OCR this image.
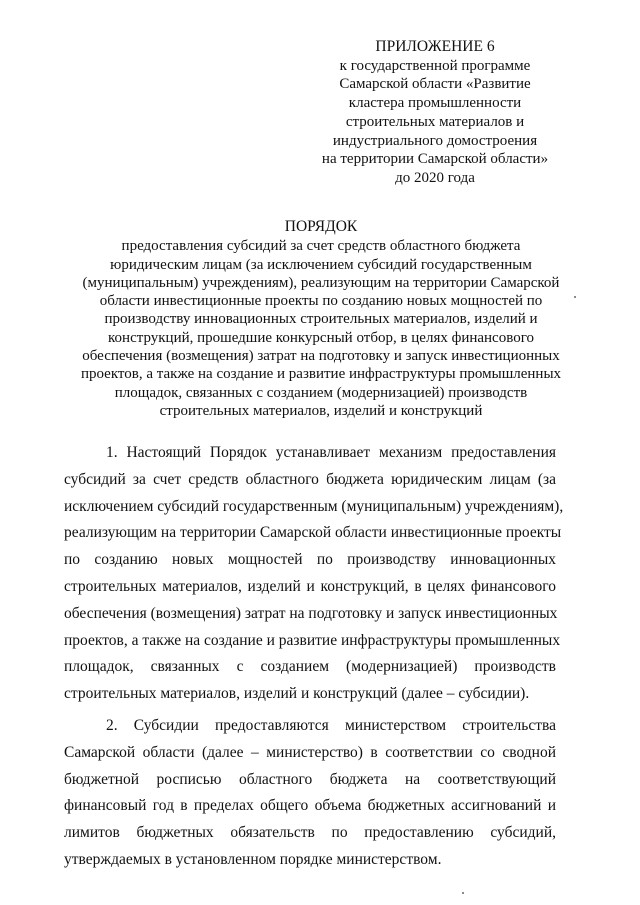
ПРИЛОЖЕНИЕ 6
к государственной программе
Самарской области «Развитие
кластера промышленности
строительных материалов и
индустриального домостроения
на территории Самарской области»
до 2020 года
ПОРЯДОК
предоставления субсидий за счет средств областного бюджета
юридическим лицам (за исключением субсидий государственным
(муниципальным) учреждениям), реализующим на территории Самарской
области инвестиционные проекты по созданию новых мощностей по
производству инновационных строительных материалов, изделий и
конструкций, прошедшие конкурсный отбор, в целях финансового
обеспечения (возмещения) затрат на подготовку и запуск инвестиционных
проектов, а также на создание и развитие инфраструктуры промышленных
площадок, связанных с созданием (модернизацией) производств
строительных материалов, изделий и конструкций

1. Настоящий Порядок устанавливает механизм предоставления
субсидий за счет средств областного бюджета юридическим лицам (за
исключением субсидий государственным (муниципальным) учреждениям),
реализующим на территории Самарской области инвестиционные проекты
по созданию новых мощностей по производству инновационных
строительных материалов, изделий и конструкций, в целях финансового
обеспечения (возмещения) затрат на подготовку и запуск инвестиционных
проектов, а также на создание и развитие инфраструктуры промышленных
площадок, связанных с созданием (модернизацией) производств
строительных материалов, изделий и конструкций (далее – субсидии).

2. Субсидии предоставляются министерством строительства
Самарской области (далее – министерство) в соответствии со сводной
бюджетной росписью областного бюджета на соответствующий
финансовый год в пределах общего объема бюджетных ассигнований и
лимитов бюджетных обязательств по предоставлению субсидий,
утверждаемых в установленном порядке министерством.
